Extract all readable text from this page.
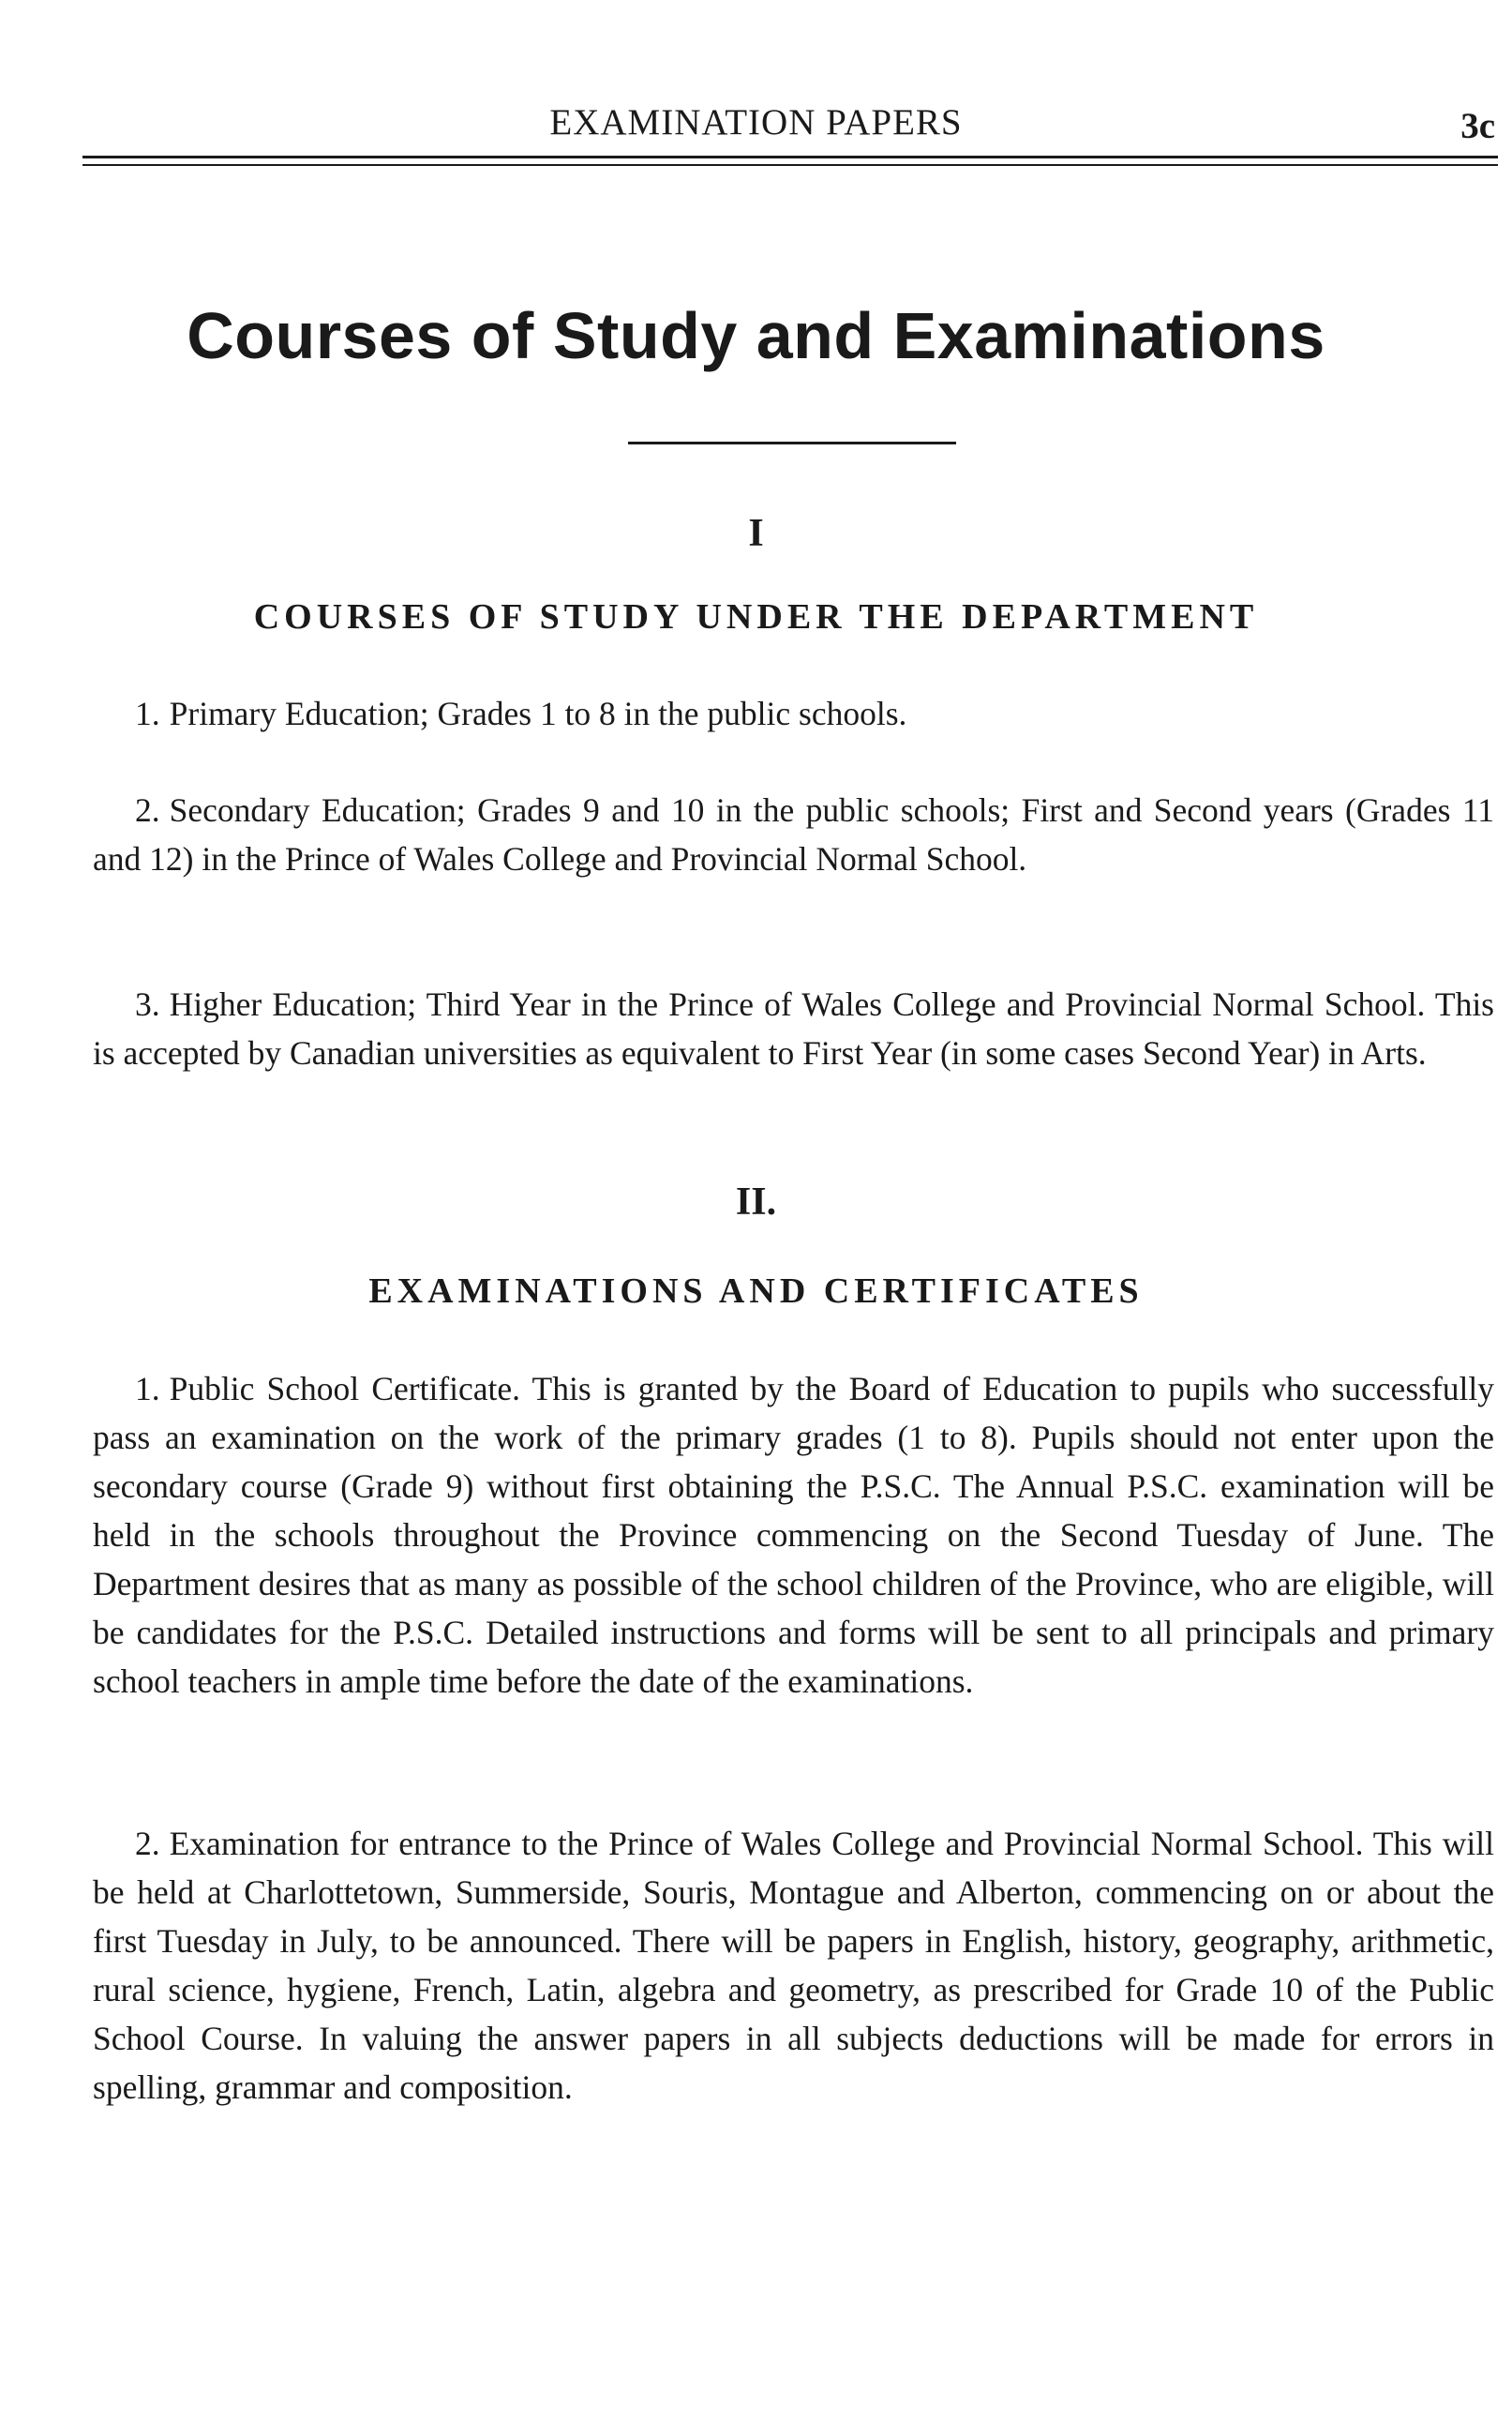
EXAMINATION PAPERS	3c
Courses of Study and Examinations
I
COURSES OF STUDY UNDER THE DEPARTMENT

1. Primary Education; Grades 1 to 8 in the public schools.

2. Secondary Education; Grades 9 and 10 in the public schools; First and Second years (Grades 11 and 12) in the Prince of Wales College and Provincial Normal School.

3. Higher Education; Third Year in the Prince of Wales College and Provincial Normal School. This is accepted by Canadian universities as equivalent to First Year (in some cases Second Year) in Arts.

II.
EXAMINATIONS AND CERTIFICATES

1. Public School Certificate. This is granted by the Board of Education to pupils who successfully pass an examination on the work of the primary grades (1 to 8). Pupils should not enter upon the secondary course (Grade 9) without first obtaining the P.S.C. The Annual P.S.C. examination will be held in the schools throughout the Province commencing on the Second Tuesday of June. The Department desires that as many as possible of the school children of the Province, who are eligible, will be candidates for the P.S.C. Detailed instructions and forms will be sent to all principals and primary school teachers in ample time before the date of the examinations.

2. Examination for entrance to the Prince of Wales College and Provincial Normal School. This will be held at Charlottetown, Summerside, Souris, Montague and Alberton, commencing on or about the first Tuesday in July, to be announced. There will be papers in English, history, geography, arithmetic, rural science, hygiene, French, Latin, algebra and geometry, as prescribed for Grade 10 of the Public School Course. In valuing the answer papers in all subjects deductions will be made for errors in spelling, grammar and composition.
